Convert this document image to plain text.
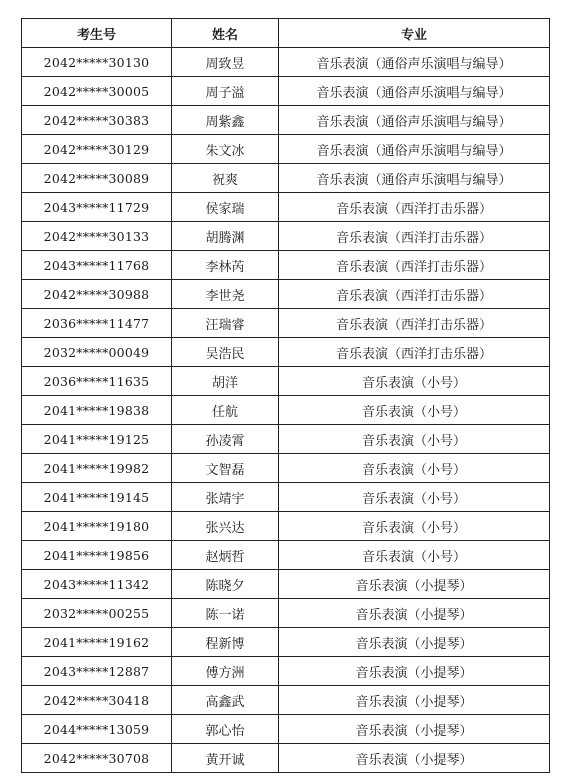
考生号	姓名	专业
2042*****30130	周致昱	音乐表演（通俗声乐演唱与编导）
2042*****30005	周子溢	音乐表演（通俗声乐演唱与编导）
2042*****30383	周紫鑫	音乐表演（通俗声乐演唱与编导）
2042*****30129	朱文冰	音乐表演（通俗声乐演唱与编导）
2042*****30089	祝爽	音乐表演（通俗声乐演唱与编导）
2043*****11729	侯家瑞	音乐表演（西洋打击乐器）
2042*****30133	胡腾渊	音乐表演（西洋打击乐器）
2043*****11768	李林芮	音乐表演（西洋打击乐器）
2042*****30988	李世尧	音乐表演（西洋打击乐器）
2036*****11477	汪瑞睿	音乐表演（西洋打击乐器）
2032*****00049	吴浩民	音乐表演（西洋打击乐器）
2036*****11635	胡洋	音乐表演（小号）
2041*****19838	任航	音乐表演（小号）
2041*****19125	孙凌霄	音乐表演（小号）
2041*****19982	文智磊	音乐表演（小号）
2041*****19145	张靖宇	音乐表演（小号）
2041*****19180	张兴达	音乐表演（小号）
2041*****19856	赵炳哲	音乐表演（小号）
2043*****11342	陈晓夕	音乐表演（小提琴）
2032*****00255	陈一诺	音乐表演（小提琴）
2041*****19162	程新博	音乐表演（小提琴）
2043*****12887	傅方洲	音乐表演（小提琴）
2042*****30418	高鑫武	音乐表演（小提琴）
2044*****13059	郭心怡	音乐表演（小提琴）
2042*****30708	黄开诚	音乐表演（小提琴）
